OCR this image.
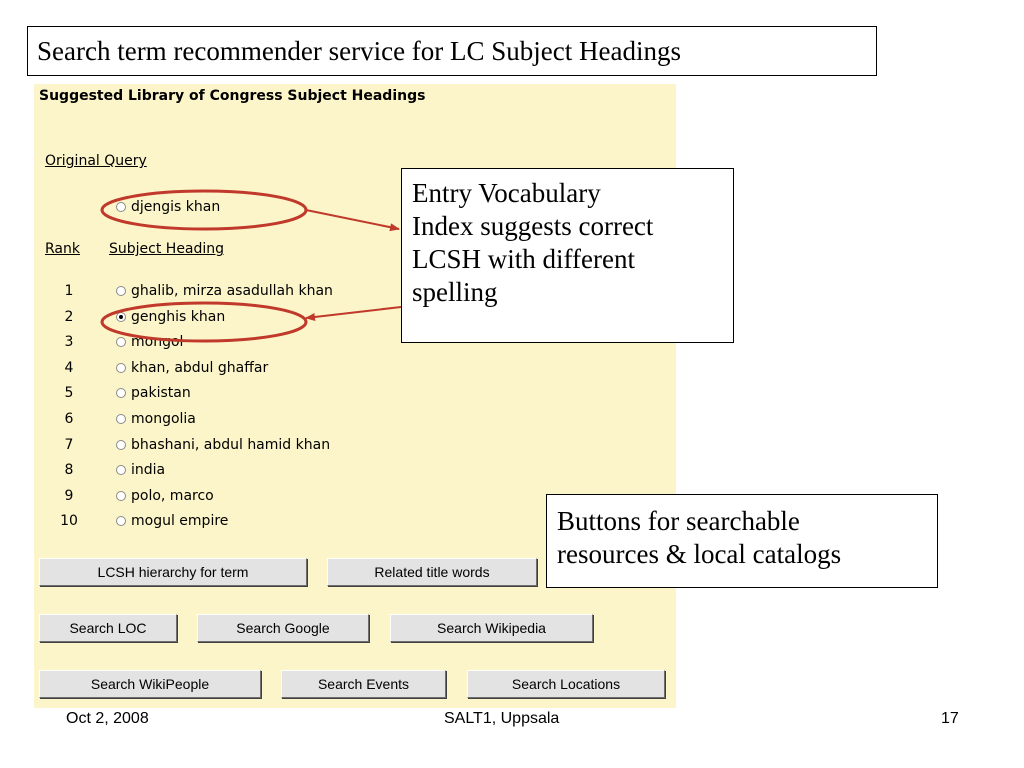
Search term recommender service for LC Subject Headings
Suggested Library of Congress Subject Headings
Original Query
djengis khan
Rank Subject Heading
1	ghalib, mirza asadullah khan
2	genghis khan
3	mongol
4	khan, abdul ghaffar
5	pakistan
6	mongolia
7	bhashani, abdul hamid khan
8	india
9	polo, marco
10	mogul empire
LCSH hierarchy for term	Related title words
Search LOC	Search Google	Search Wikipedia
Search WikiPeople	Search Events	Search Locations
Entry Vocabulary
Index suggests correct
LCSH with different
spelling
Buttons for searchable
resources & local catalogs
Oct 2, 2008	SALT1, Uppsala	17
